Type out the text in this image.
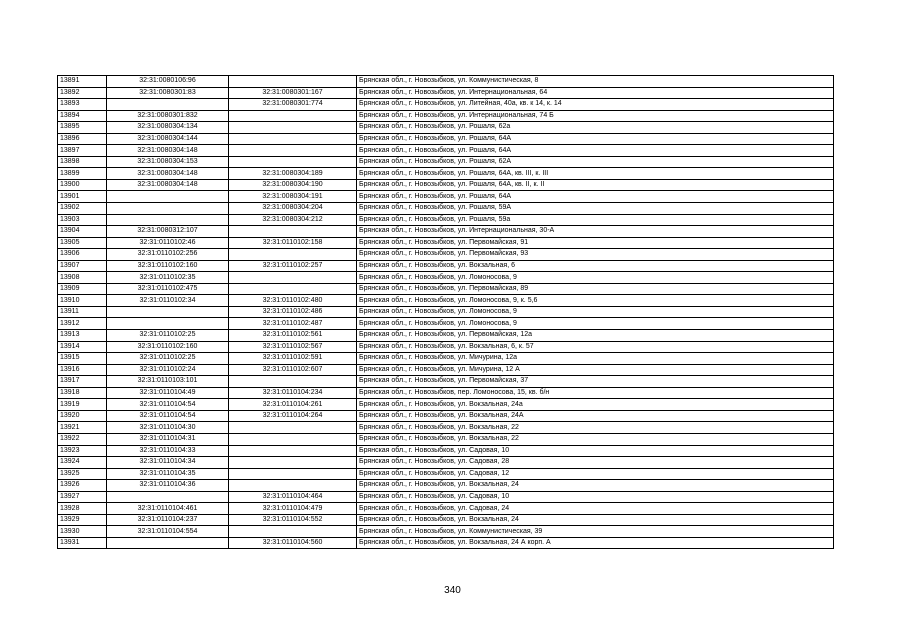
13891	32:31:0080106:96		Брянская обл., г. Новозыбков, ул. Коммунистическая, 8
13892	32:31:0080301:83	32:31:0080301:167	Брянская обл., г. Новозыбков, ул. Интернациональная, 64
13893		32:31:0080301:774	Брянская обл., г. Новозыбков, ул. Литейная, 40а, кв. к 14, к. 14
13894	32:31:0080301:832		Брянская обл., г. Новозыбков, ул. Интернациональная, 74 Б
13895	32:31:0080304:134		Брянская обл., г. Новозыбков, ул. Рошаля, 62а
13896	32:31:0080304:144		Брянская обл., г. Новозыбков, ул. Рошаля, 64А
13897	32:31:0080304:148		Брянская обл., г. Новозыбков, ул. Рошаля, 64А
13898	32:31:0080304:153		Брянская обл., г. Новозыбков, ул. Рошаля, 62А
13899	32:31:0080304:148	32:31:0080304:189	Брянская обл., г. Новозыбков, ул. Рошаля, 64А, кв. III, к. III
13900	32:31:0080304:148	32:31:0080304:190	Брянская обл., г. Новозыбков, ул. Рошаля, 64А, кв. II, к. II
13901		32:31:0080304:191	Брянская обл., г. Новозыбков, ул. Рошаля, 64А
13902		32:31:0080304:204	Брянская обл., г. Новозыбков, ул. Рошаля, 59А
13903		32:31:0080304:212	Брянская обл., г. Новозыбков, ул. Рошаля, 59а
13904	32:31:0080312:107		Брянская обл., г. Новозыбков, ул. Интернациональная, 30-А
13905	32:31:0110102:46	32:31:0110102:158	Брянская обл., г. Новозыбков, ул. Первомайская, 91
13906	32:31:0110102:256		Брянская обл., г. Новозыбков, ул. Первомайская, 93
13907	32:31:0110102:160	32:31:0110102:257	Брянская обл., г. Новозыбков, ул. Вокзальная, 6
13908	32:31:0110102:35		Брянская обл., г. Новозыбков, ул. Ломоносова, 9
13909	32:31:0110102:475		Брянская обл., г. Новозыбков, ул. Первомайская, 89
13910	32:31:0110102:34	32:31:0110102:480	Брянская обл., г. Новозыбков, ул. Ломоносова, 9, к. 5,6
13911		32:31:0110102:486	Брянская обл., г. Новозыбков, ул. Ломоносова, 9
13912		32:31:0110102:487	Брянская обл., г. Новозыбков, ул. Ломоносова, 9
13913	32:31:0110102:25	32:31:0110102:561	Брянская обл., г. Новозыбков, ул. Первомайская, 12а
13914	32:31:0110102:160	32:31:0110102:567	Брянская обл., г. Новозыбков, ул. Вокзальная, 6, к. 57
13915	32:31:0110102:25	32:31:0110102:591	Брянская обл., г. Новозыбков, ул. Мичурина, 12а
13916	32:31:0110102:24	32:31:0110102:607	Брянская обл., г. Новозыбков, ул. Мичурина, 12 А
13917	32:31:0110103:101		Брянская обл., г. Новозыбков, ул. Первомайская, 37
13918	32:31:0110104:49	32:31:0110104:234	Брянская обл., г. Новозыбков, пер. Ломоносова, 15, кв. б/н
13919	32:31:0110104:54	32:31:0110104:261	Брянская обл., г. Новозыбков, ул. Вокзальная, 24а
13920	32:31:0110104:54	32:31:0110104:264	Брянская обл., г. Новозыбков, ул. Вокзальная, 24А
13921	32:31:0110104:30		Брянская обл., г. Новозыбков, ул. Вокзальная, 22
13922	32:31:0110104:31		Брянская обл., г. Новозыбков, ул. Вокзальная, 22
13923	32:31:0110104:33		Брянская обл., г. Новозыбков, ул. Садовая, 10
13924	32:31:0110104:34		Брянская обл., г. Новозыбков, ул. Садовая, 28
13925	32:31:0110104:35		Брянская обл., г. Новозыбков, ул. Садовая, 12
13926	32:31:0110104:36		Брянская обл., г. Новозыбков, ул. Вокзальная, 24
13927		32:31:0110104:464	Брянская обл., г. Новозыбков, ул. Садовая, 10
13928	32:31:0110104:461	32:31:0110104:479	Брянская обл., г. Новозыбков, ул. Садовая, 24
13929	32:31:0110104:237	32:31:0110104:552	Брянская обл., г. Новозыбков, ул. Вокзальная, 24
13930	32:31:0110104:554		Брянская обл., г. Новозыбков, ул. Коммунистическая, 39
13931		32:31:0110104:560	Брянская обл., г. Новозыбков, ул. Вокзальная, 24 А корп. А
340
